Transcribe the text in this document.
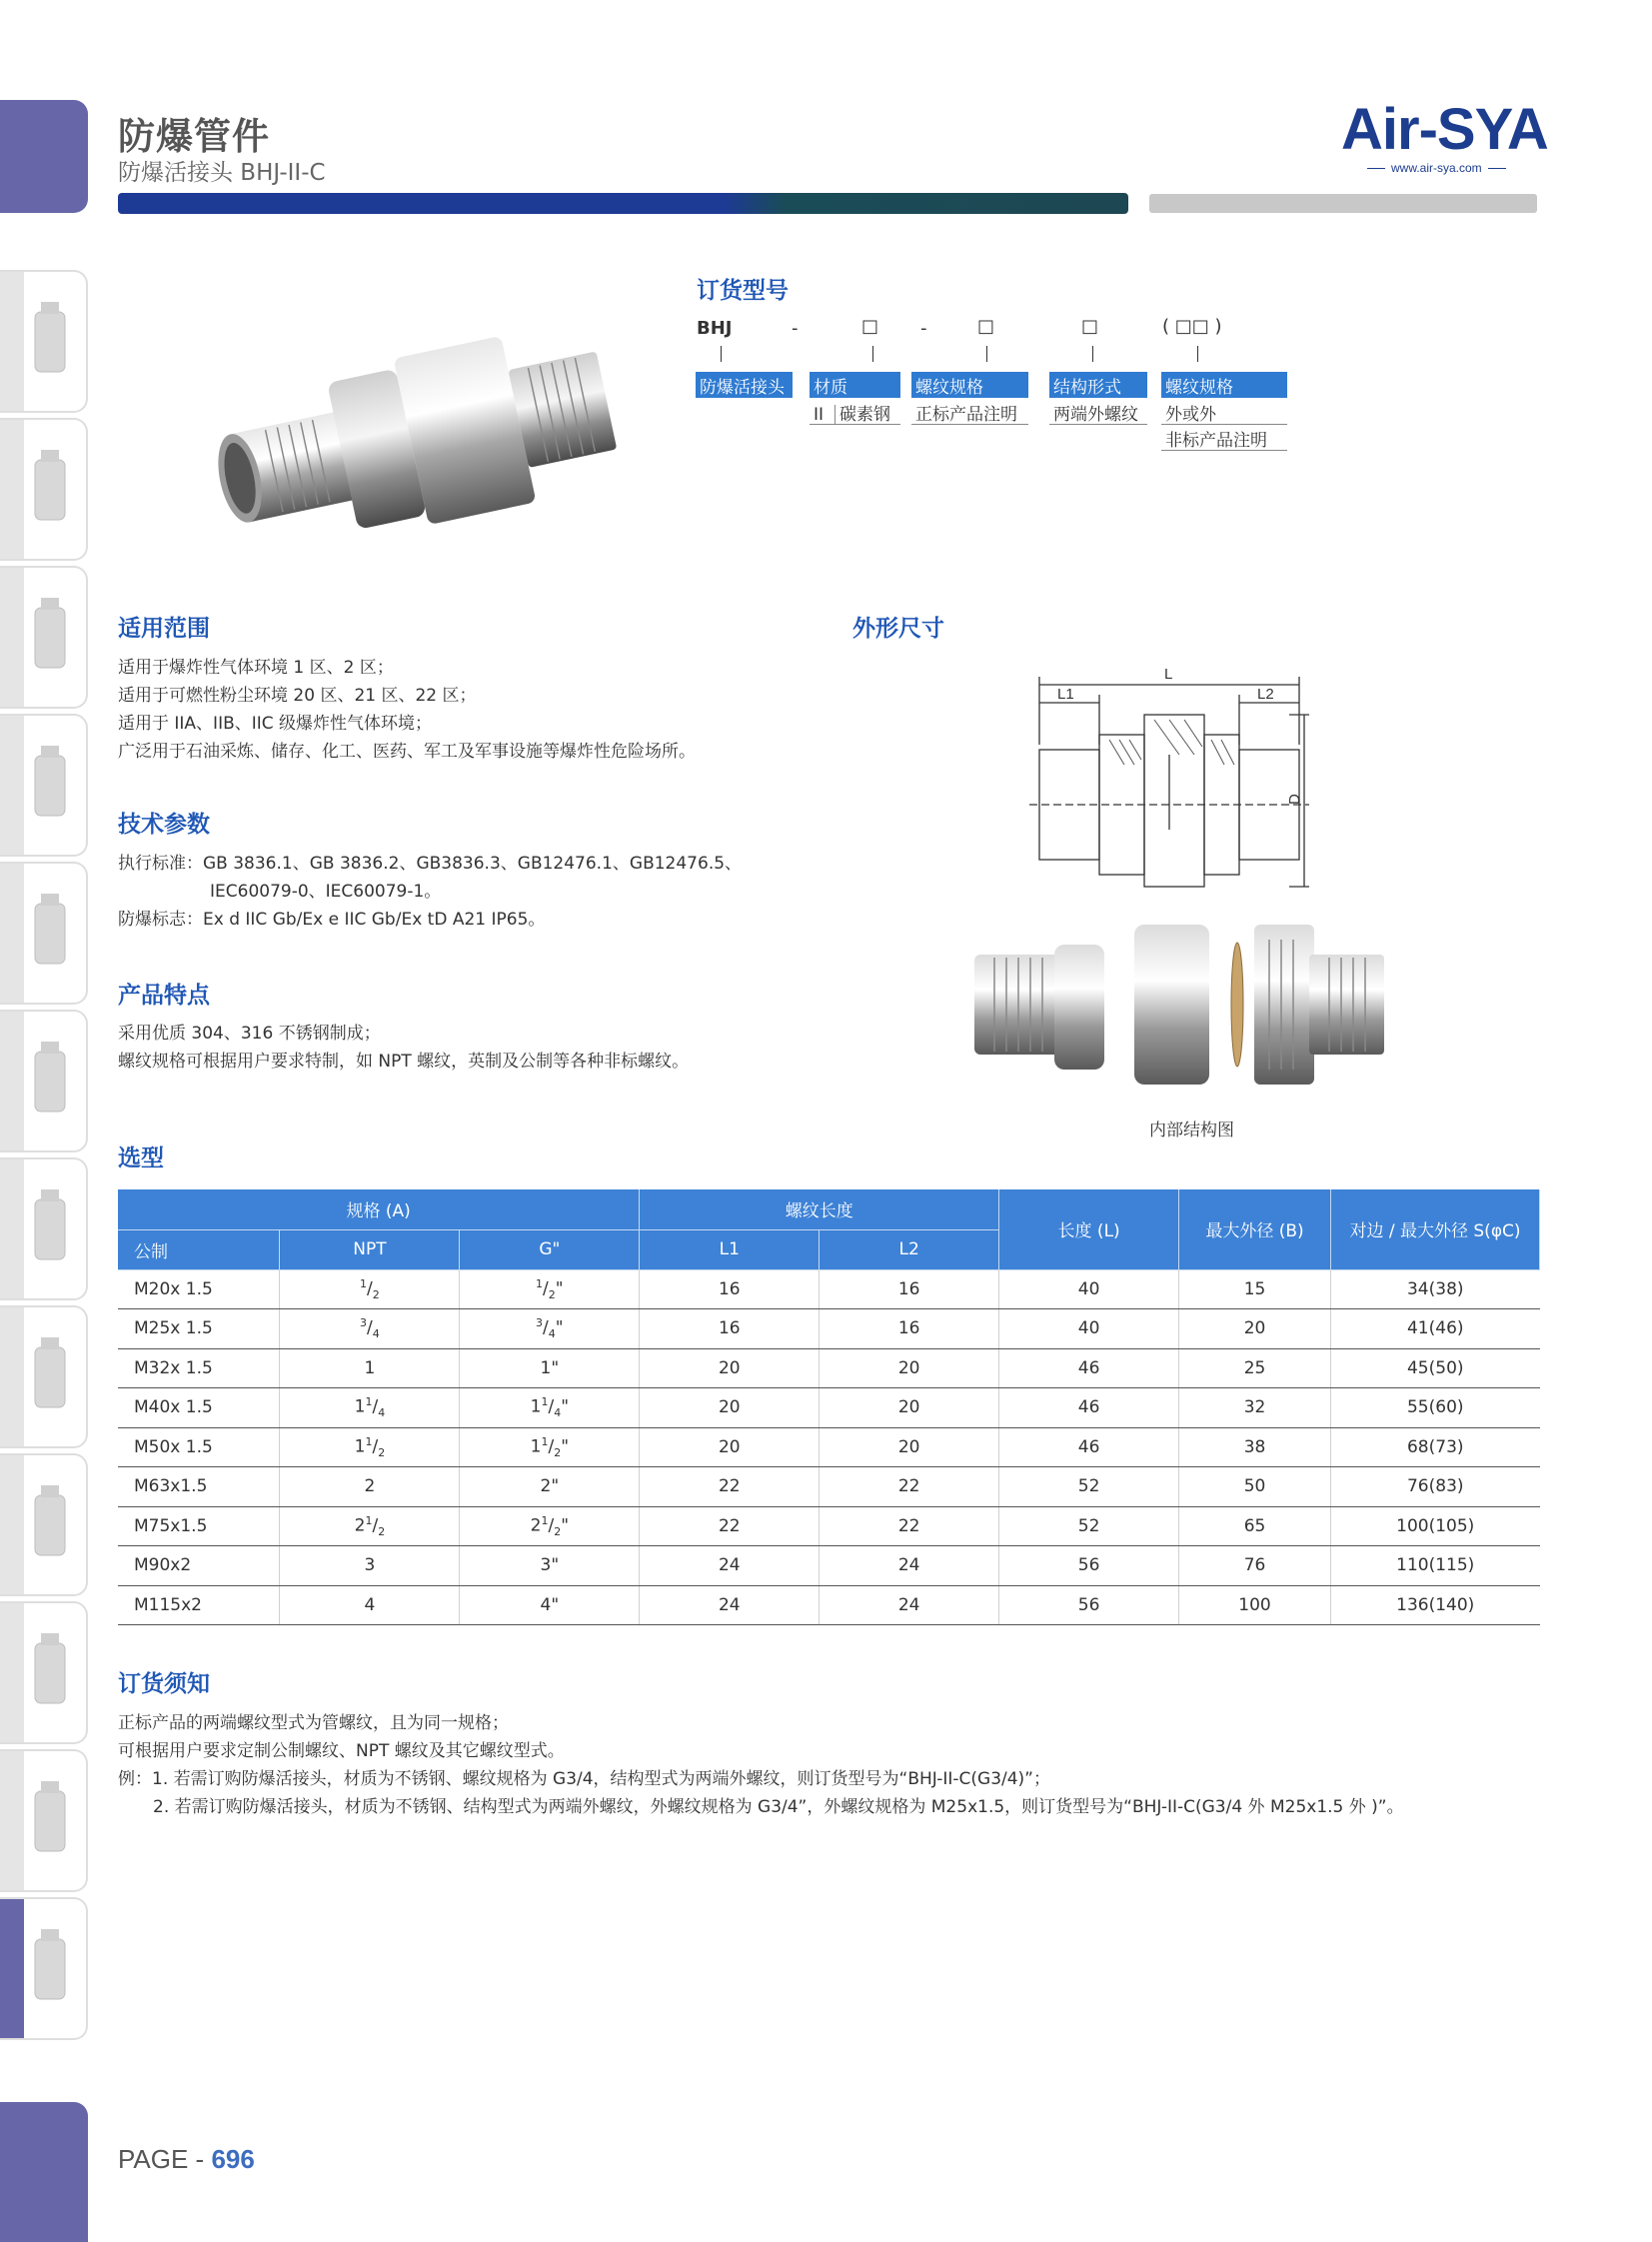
防爆管件
防爆活接头 BHJ-II-C
Air-SYA
www.air-sya.com
订货型号
BHJ	-	□ -	□	□	( □□ )
防爆活接头	材质	螺纹规格	结构形式	螺纹规格
II 碳素钢	正标产品注明	两端外螺纹	外或外
非标产品注明
适用范围
适用于爆炸性气体环境 1 区、2 区；
适用于可燃性粉尘环境 20 区、21 区、22 区；
适用于 IIA、IIB、IIC 级爆炸性气体环境；
广泛用于石油采炼、储存、化工、医药、军工及军事设施等爆炸性危险场所。
技术参数
执行标准：GB 3836.1、GB 3836.2、GB3836.3、GB12476.1、GB12476.5、
IEC60079-0、IEC60079-1。
防爆标志：Ex d IIC Gb/Ex e IIC Gb/Ex tD A21 IP65。
产品特点
采用优质 304、316 不锈钢制成；
螺纹规格可根据用户要求特制，如 NPT 螺纹，英制及公制等各种非标螺纹。
外形尺寸
L
L1	L2
D
内部结构图
选型
规格 (A)			螺纹长度		长度 (L)	最大外径 (B)	对边 / 最大外径 S(φC)
公制	NPT	G"	L1	L2			
M20x 1.5	$^1/_2$	$^1/_2$"	16	16	40	15	34(38)
M25x 1.5	$^3/_4$	$^3/_4$"	16	16	40	20	41(46)
M32x 1.5	1	1"	20	20	46	25	45(50)
M40x 1.5	$1^1/_4$	$1^1/_4$"	20	20	46	32	55(60)
M50x 1.5	$1^1/_2$	$1^1/_2$"	20	20	46	38	68(73)
M63x1.5	2	2"	22	22	52	50	76(83)
M75x1.5	$2^1/_2$	$2^1/_2$"	22	22	52	65	100(105)
M90x2	3	3"	24	24	56	76	110(115)
M115x2	4	4"	24	24	56	100	136(140)
订货须知
正标产品的两端螺纹型式为管螺纹，且为同一规格；
可根据用户要求定制公制螺纹、NPT 螺纹及其它螺纹型式。
例：1. 若需订购防爆活接头，材质为不锈钢、螺纹规格为 G3/4，结构型式为两端外螺纹，则订货型号为“BHJ-II-C(G3/4)”；
2. 若需订购防爆活接头，材质为不锈钢、结构型式为两端外螺纹，外螺纹规格为 G3/4”，外螺纹规格为 M25x1.5，则订货型号为“BHJ-II-C(G3/4 外 M25x1.5 外 )”。
PAGE - 696
